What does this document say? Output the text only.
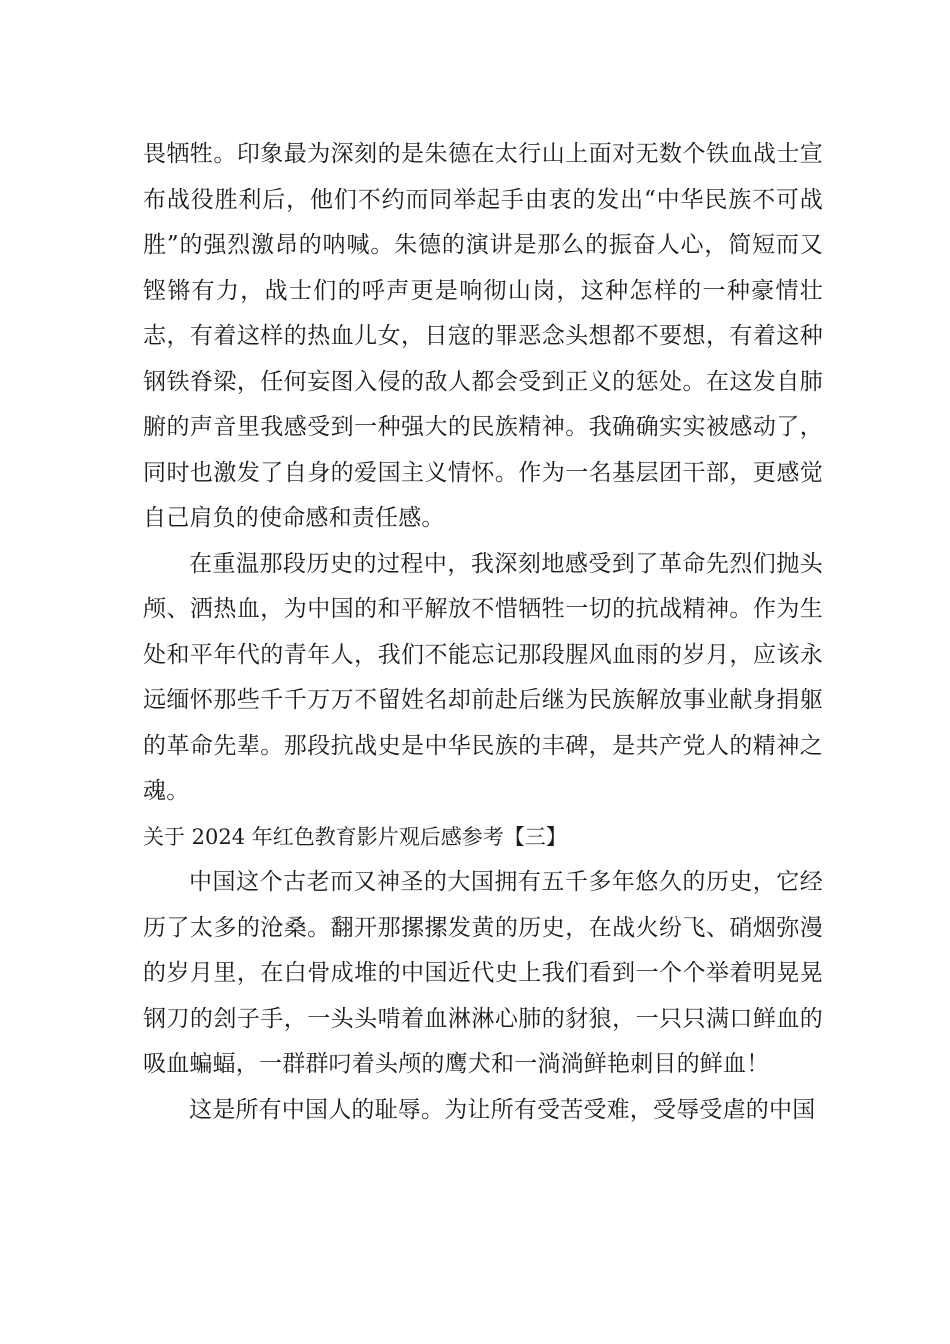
畏牺牲。印象最为深刻的是朱德在太行山上面对无数个铁血战士宣布战役胜利后，他们不约而同举起手由衷的发出“中华民族不可战胜”的强烈激昂的呐喊。朱德的演讲是那么的振奋人心，简短而又铿锵有力，战士们的呼声更是响彻山岗，这种怎样的一种豪情壮志，有着这样的热血儿女，日寇的罪恶念头想都不要想，有着这种钢铁脊梁，任何妄图入侵的敌人都会受到正义的惩处。在这发自肺腑的声音里我感受到一种强大的民族精神。我确确实实被感动了，同时也激发了自身的爱国主义情怀。作为一名基层团干部，更感觉自己肩负的使命感和责任感。

在重温那段历史的过程中，我深刻地感受到了革命先烈们抛头颅、洒热血，为中国的和平解放不惜牺牲一切的抗战精神。作为生处和平年代的青年人，我们不能忘记那段腥风血雨的岁月，应该永远缅怀那些千千万万不留姓名却前赴后继为民族解放事业献身捐躯的革命先辈。那段抗战史是中华民族的丰碑，是共产党人的精神之魂。

关于 2024 年红色教育影片观后感参考【三】

中国这个古老而又神圣的大国拥有五千多年悠久的历史，它经历了太多的沧桑。翻开那摞摞发黄的历史，在战火纷飞、硝烟弥漫的岁月里，在白骨成堆的中国近代史上我们看到一个个举着明晃晃钢刀的刽子手，一头头啃着血淋淋心肺的豺狼，一只只满口鲜血的吸血蝙蝠，一群群叼着头颅的鹰犬和一淌淌鲜艳刺目的鲜血！

这是所有中国人的耻辱。为让所有受苦受难，受辱受虐的中国
